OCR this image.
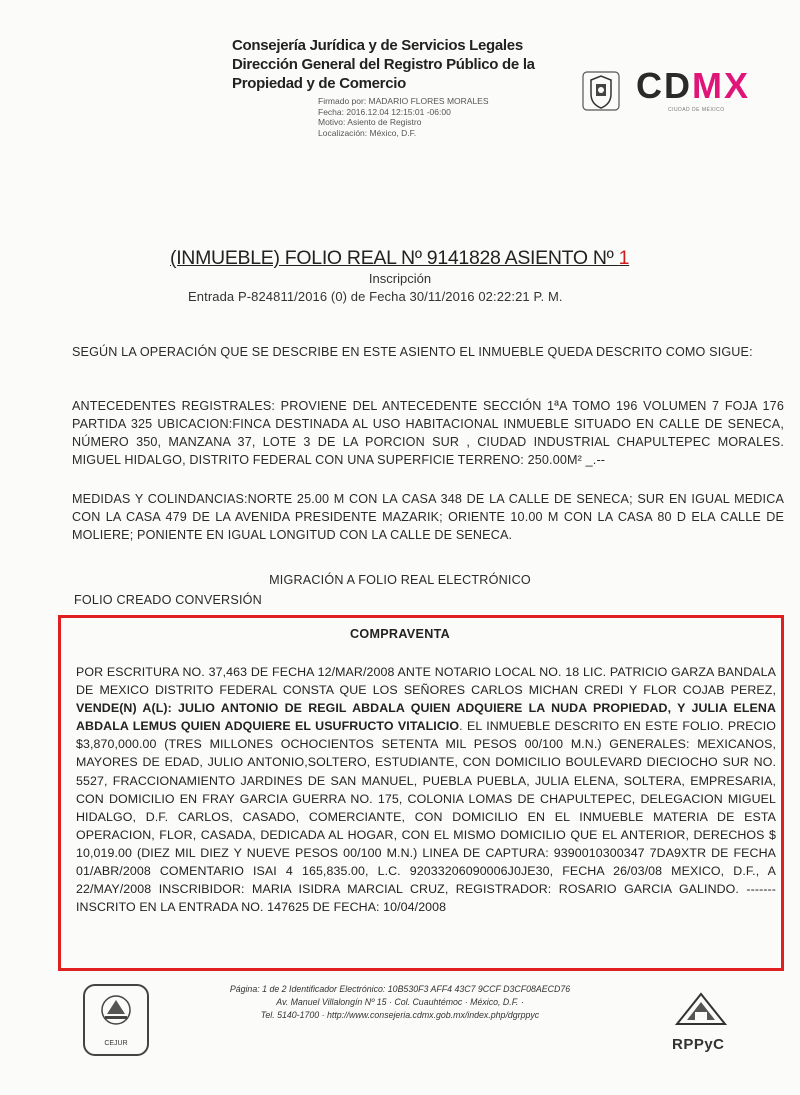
Consejería Jurídica y de Servicios Legales
Dirección General del Registro Público de la
Propiedad y de Comercio
Firmado por: MADARIO FLORES MORALES
Fecha: 2016.12.04 12:15:01 -06:00
Motivo: Asiento de Registro
Localización: México, D.F.
CDMX
CIUDAD DE MÉXICO
(INMUEBLE) FOLIO REAL Nº 9141828 ASIENTO Nº 1
Inscripción
Entrada P-824811/2016 (0) de Fecha 30/11/2016 02:22:21 P. M.
SEGÚN LA OPERACIÓN QUE SE DESCRIBE EN ESTE ASIENTO EL INMUEBLE QUEDA DESCRITO COMO SIGUE:
ANTECEDENTES REGISTRALES: PROVIENE DEL ANTECEDENTE SECCIÓN 1ªA TOMO 196 VOLUMEN 7 FOJA 176 PARTIDA 325 UBICACION:FINCA DESTINADA AL USO HABITACIONAL INMUEBLE SITUADO EN CALLE DE SENECA, NÚMERO 350, MANZANA 37, LOTE 3 DE LA PORCION SUR , CIUDAD INDUSTRIAL CHAPULTEPEC MORALES. MIGUEL HIDALGO, DISTRITO FEDERAL CON UNA SUPERFICIE TERRENO: 250.00M² _.--
MEDIDAS Y COLINDANCIAS:NORTE 25.00 M CON LA CASA 348 DE LA CALLE DE SENECA; SUR EN IGUAL MEDICA CON LA CASA 479 DE LA AVENIDA PRESIDENTE MAZARIK; ORIENTE 10.00 M CON LA CASA 80 D ELA CALLE DE MOLIERE; PONIENTE EN IGUAL LONGITUD CON LA CALLE DE SENECA.
MIGRACIÓN A FOLIO REAL ELECTRÓNICO
FOLIO CREADO CONVERSIÓN
COMPRAVENTA
POR ESCRITURA NO. 37,463 DE FECHA 12/MAR/2008 ANTE NOTARIO LOCAL NO. 18 LIC. PATRICIO GARZA BANDALA DE MEXICO DISTRITO FEDERAL CONSTA QUE LOS SEÑORES CARLOS MICHAN CREDI Y FLOR COJAB PEREZ, VENDE(N) A(L): JULIO ANTONIO DE REGIL ABDALA QUIEN ADQUIERE LA NUDA PROPIEDAD, Y JULIA ELENA ABDALA LEMUS QUIEN ADQUIERE EL USUFRUCTO VITALICIO. EL INMUEBLE DESCRITO EN ESTE FOLIO. PRECIO $3,870,000.00 (TRES MILLONES OCHOCIENTOS SETENTA MIL PESOS 00/100 M.N.) GENERALES: MEXICANOS, MAYORES DE EDAD, JULIO ANTONIO,SOLTERO, ESTUDIANTE, CON DOMICILIO BOULEVARD DIECIOCHO SUR NO. 5527, FRACCIONAMIENTO JARDINES DE SAN MANUEL, PUEBLA PUEBLA, JULIA ELENA, SOLTERA, EMPRESARIA, CON DOMICILIO EN FRAY GARCIA GUERRA NO. 175, COLONIA LOMAS DE CHAPULTEPEC, DELEGACION MIGUEL HIDALGO, D.F. CARLOS, CASADO, COMERCIANTE, CON DOMICILIO EN EL INMUEBLE MATERIA DE ESTA OPERACION, FLOR, CASADA, DEDICADA AL HOGAR, CON EL MISMO DOMICILIO QUE EL ANTERIOR, DERECHOS $ 10,019.00 (DIEZ MIL DIEZ Y NUEVE PESOS 00/100 M.N.) LINEA DE CAPTURA: 9390010300347 7DA9XTR DE FECHA 01/ABR/2008 COMENTARIO ISAI 4 165,835.00, L.C. 92033206090006J0JE30, FECHA 26/03/08 MEXICO, D.F., A 22/MAY/2008 INSCRIBIDOR: MARIA ISIDRA MARCIAL CRUZ, REGISTRADOR: ROSARIO GARCIA GALINDO. -------INSCRITO EN LA ENTRADA NO. 147625 DE FECHA: 10/04/2008
CEJUR
Página: 1 de 2 Identificador Electrónico: 10B530F3 AFF4 43C7 9CCF D3CF08AECD76
Av. Manuel Villalongín Nº 15 · Col. Cuauhtémoc · México, D.F. ·
Tel. 5140-1700 · http://www.consejeria.cdmx.gob.mx/index.php/dgrppyc
RPPyC
